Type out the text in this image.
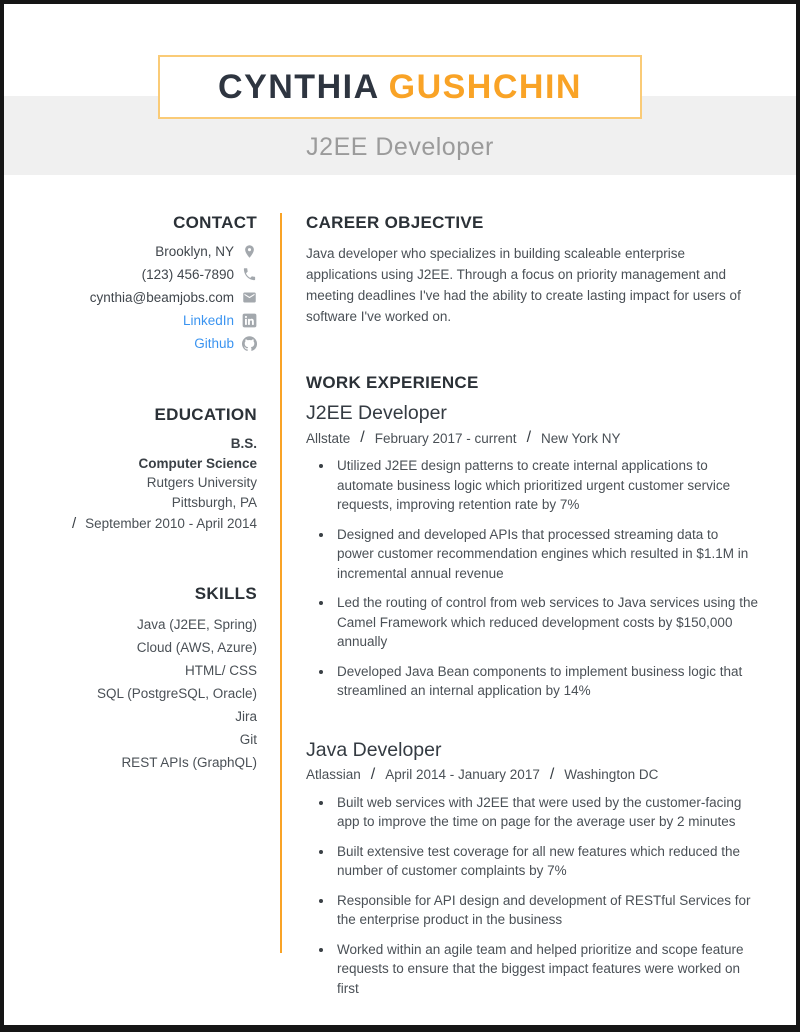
CYNTHIA GUSHCHIN
J2EE Developer
CONTACT
Brooklyn, NY
(123) 456-7890
cynthia@beamjobs.com
LinkedIn
Github
EDUCATION
B.S.
Computer Science
Rutgers University
Pittsburgh, PA
/ September 2010 - April 2014
SKILLS
Java (J2EE, Spring)
Cloud (AWS, Azure)
HTML/ CSS
SQL (PostgreSQL, Oracle)
Jira
Git
REST APIs (GraphQL)
CAREER OBJECTIVE
Java developer who specializes in building scaleable enterprise applications using J2EE. Through a focus on priority management and meeting deadlines I've had the ability to create lasting impact for users of software I've worked on.
WORK EXPERIENCE
J2EE Developer
Allstate / February 2017 - current / New York NY
• Utilized J2EE design patterns to create internal applications to automate business logic which prioritized urgent customer service requests, improving retention rate by 7%
• Designed and developed APIs that processed streaming data to power customer recommendation engines which resulted in $1.1M in incremental annual revenue
• Led the routing of control from web services to Java services using the Camel Framework which reduced development costs by $150,000 annually
• Developed Java Bean components to implement business logic that streamlined an internal application by 14%
Java Developer
Atlassian / April 2014 - January 2017 / Washington DC
• Built web services with J2EE that were used by the customer-facing app to improve the time on page for the average user by 2 minutes
• Built extensive test coverage for all new features which reduced the number of customer complaints by 7%
• Responsible for API design and development of RESTful Services for the enterprise product in the business
• Worked within an agile team and helped prioritize and scope feature requests to ensure that the biggest impact features were worked on first
